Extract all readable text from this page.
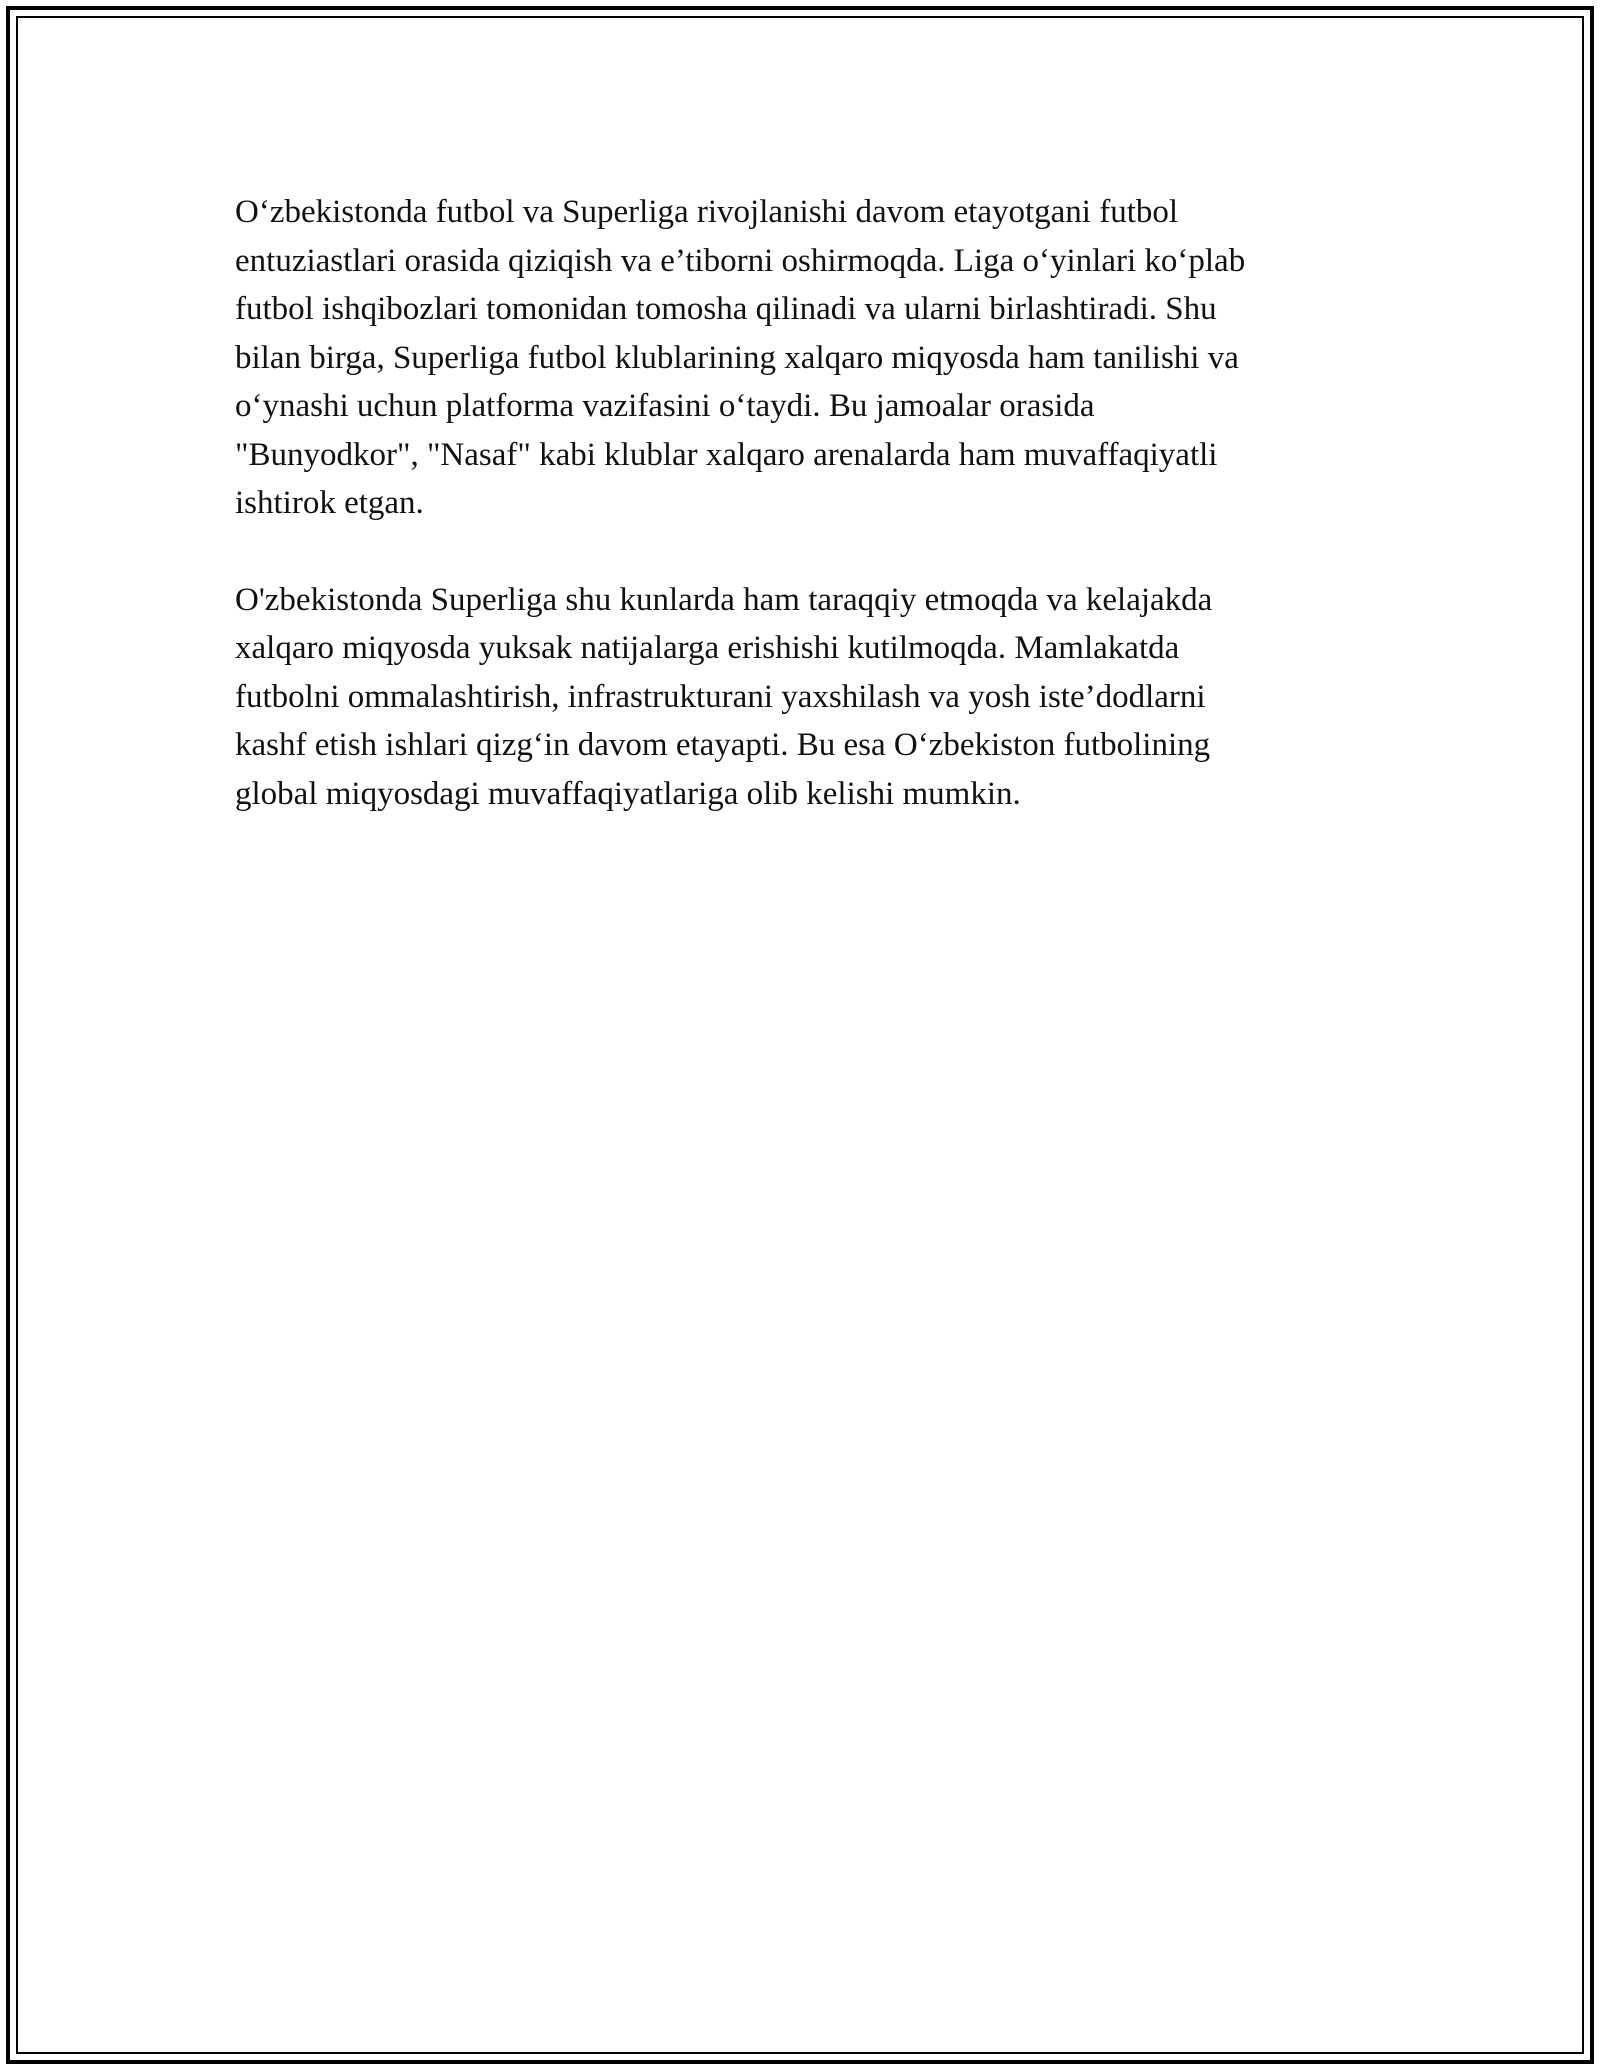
O‘zbekistonda futbol va Superliga rivojlanishi davom etayotgani futbol
entuziastlari orasida qiziqish va e’tiborni oshirmoqda. Liga o‘yinlari ko‘plab
futbol ishqibozlari tomonidan tomosha qilinadi va ularni birlashtiradi. Shu
bilan birga, Superliga futbol klublarining xalqaro miqyosda ham tanilishi va
o‘ynashi uchun platforma vazifasini o‘taydi. Bu jamoalar orasida
"Bunyodkor", "Nasaf" kabi klublar xalqaro arenalarda ham muvaffaqiyatli
ishtirok etgan.
O'zbekistonda Superliga shu kunlarda ham taraqqiy etmoqda va kelajakda
xalqaro miqyosda yuksak natijalarga erishishi kutilmoqda. Mamlakatda
futbolni ommalashtirish, infrastrukturani yaxshilash va yosh iste’dodlarni
kashf etish ishlari qizg‘in davom etayapti. Bu esa O‘zbekiston futbolining
global miqyosdagi muvaffaqiyatlariga olib kelishi mumkin.
